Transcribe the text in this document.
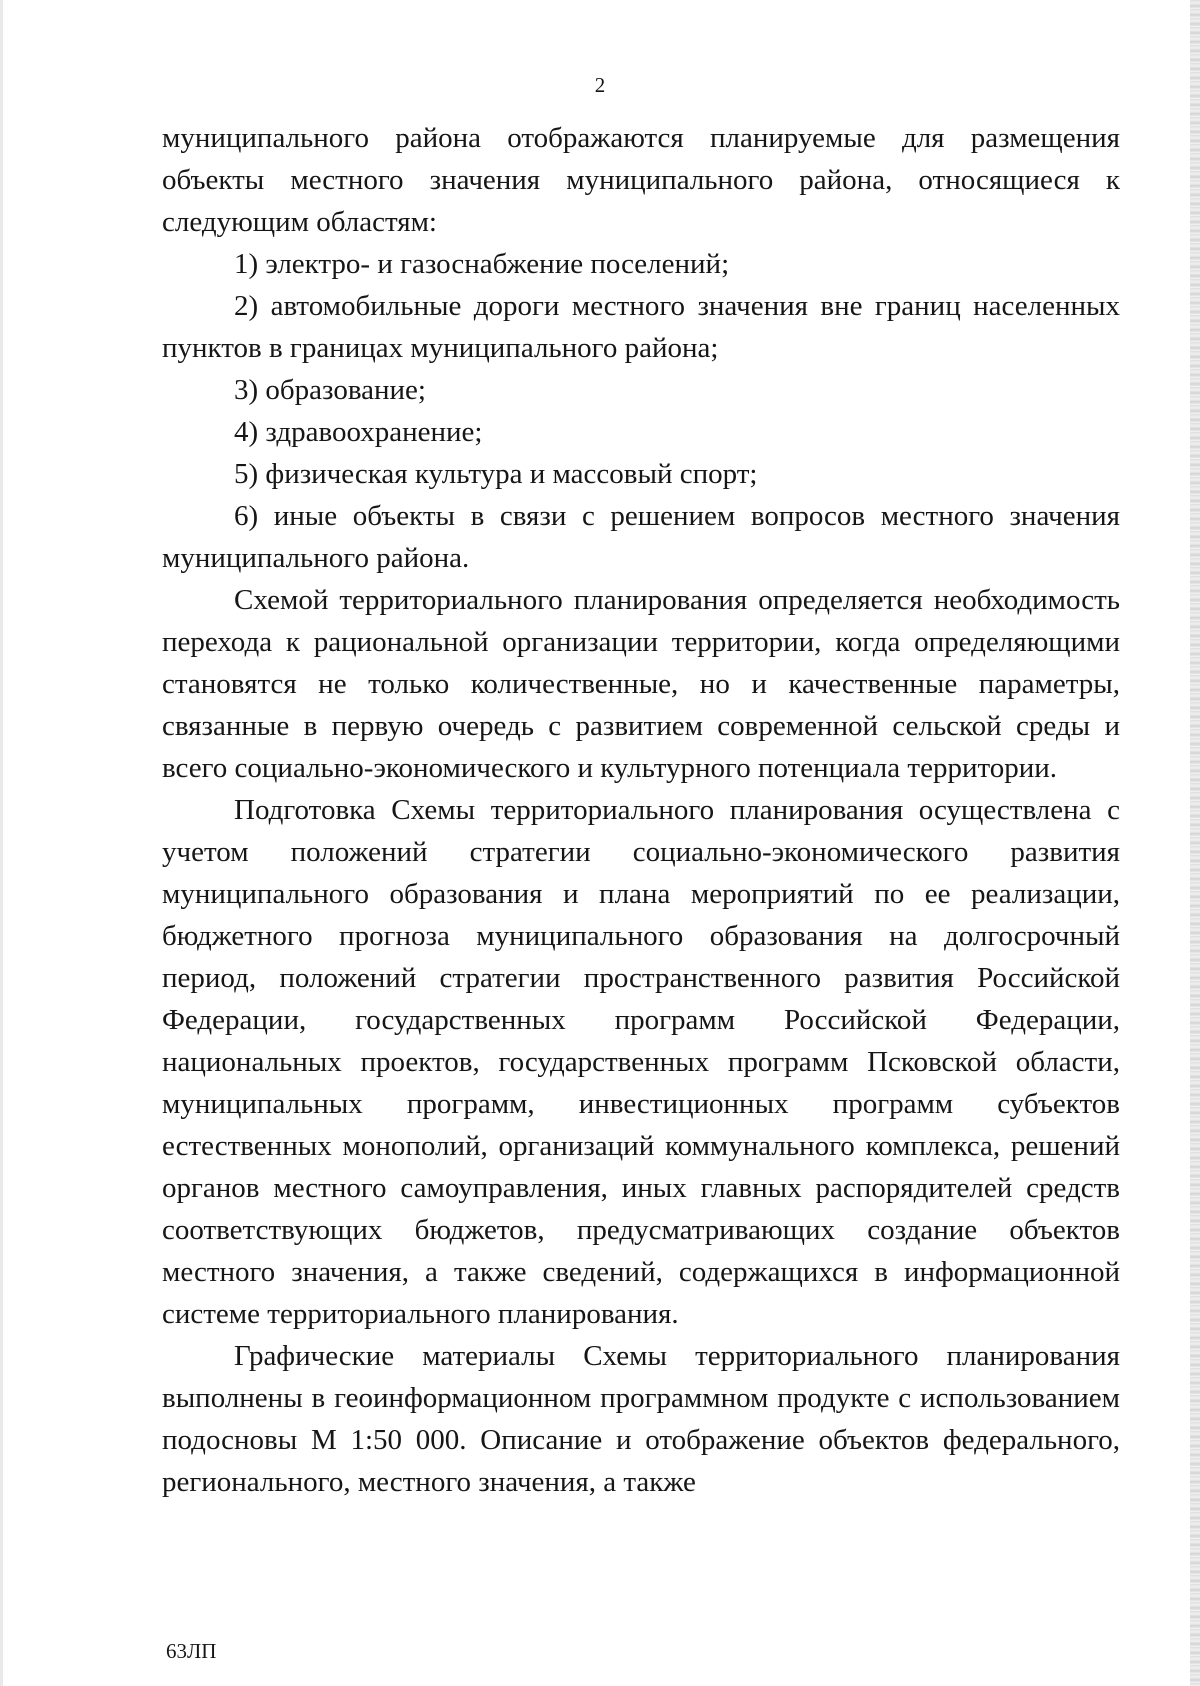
2

муниципального района отображаются планируемые для размещения объекты местного значения муниципального района, относящиеся к следующим областям:

1) электро- и газоснабжение поселений;

2) автомобильные дороги местного значения вне границ населенных пунктов в границах муниципального района;

3) образование;

4) здравоохранение;

5) физическая культура и массовый спорт;

6) иные объекты в связи с решением вопросов местного значения муниципального района.

Схемой территориального планирования определяется необходимость перехода к рациональной организации территории, когда определяющими становятся не только количественные, но и качественные параметры, связанные в первую очередь с развитием современной сельской среды и всего социально-экономического и культурного потенциала территории.

Подготовка Схемы территориального планирования осуществлена с учетом положений стратегии социально-экономического развития муниципального образования и плана мероприятий по ее реализации, бюджетного прогноза муниципального образования на долгосрочный период, положений стратегии пространственного развития Российской Федерации, государственных программ Российской Федерации, национальных проектов, государственных программ Псковской области, муниципальных программ, инвестиционных программ субъектов естественных монополий, организаций коммунального комплекса, решений органов местного самоуправления, иных главных распорядителей средств соответствующих бюджетов, предусматривающих создание объектов местного значения, а также сведений, содержащихся в информационной системе территориального планирования.

Графические материалы Схемы территориального планирования выполнены в геоинформационном программном продукте с использованием подосновы М 1:50 000. Описание и отображение объектов федерального, регионального, местного значения, а также

63ЛП
